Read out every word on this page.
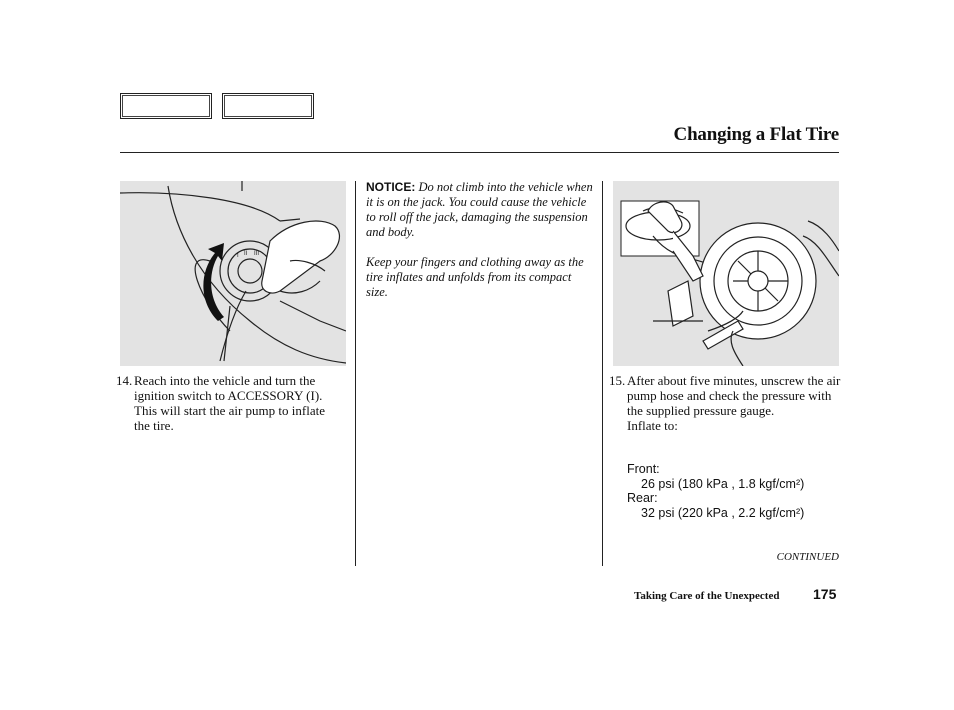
Changing a Flat Tire
I II III
14. Reach into the vehicle and turn the ignition switch to ACCESSORY (I). This will start the air pump to inflate the tire.
NOTICE: Do not climb into the vehicle when it is on the jack. You could cause the vehicle to roll off the jack, damaging the suspension and body.
Keep your fingers and clothing away as the tire inflates and unfolds from its compact size.
15. After about five minutes, unscrew the air pump hose and check the pressure with the supplied pressure gauge.
Inflate to:
Front:
26 psi (180 kPa , 1.8 kgf/cm²)
Rear:
32 psi (220 kPa , 2.2 kgf/cm²)
CONTINUED
Taking Care of the Unexpected 175
